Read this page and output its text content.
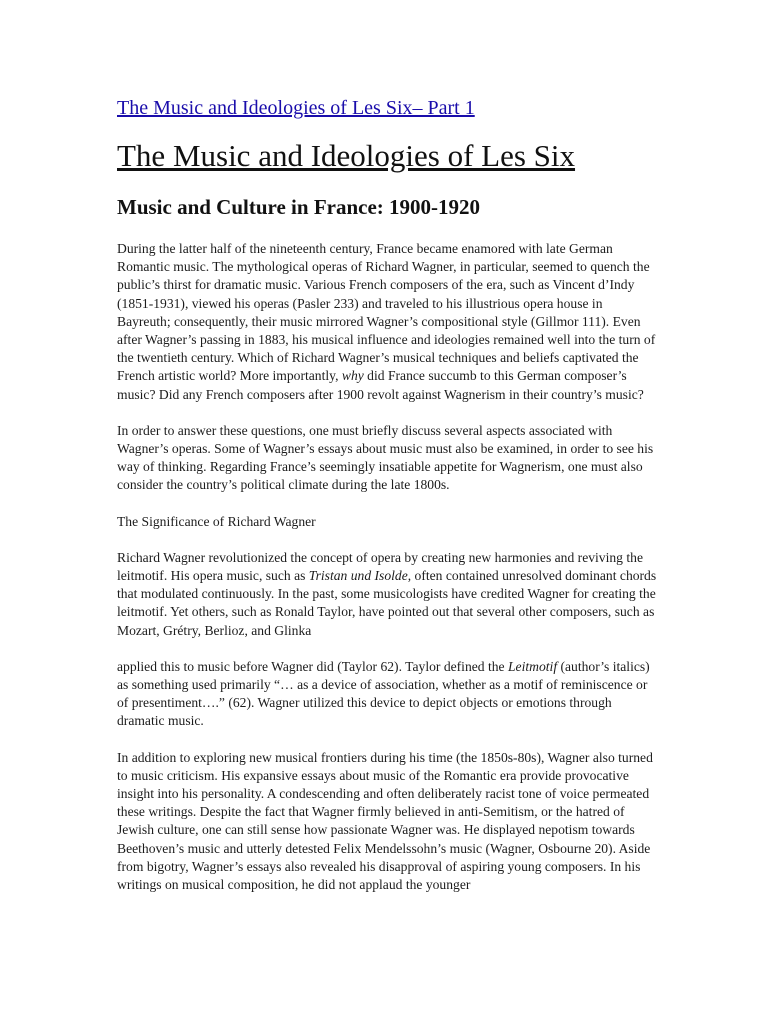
The Music and Ideologies of Les Six– Part 1
The Music and Ideologies of Les Six
Music and Culture in France: 1900-1920

During the latter half of the nineteenth century, France became enamored with late German Romantic music. The mythological operas of Richard Wagner, in particular, seemed to quench the public’s thirst for dramatic music. Various French composers of the era, such as Vincent d’Indy (1851-1931), viewed his operas (Pasler 233) and traveled to his illustrious opera house in Bayreuth; consequently, their music mirrored Wagner’s compositional style (Gillmor 111). Even after Wagner’s passing in 1883, his musical influence and ideologies remained well into the turn of the twentieth century. Which of Richard Wagner’s musical techniques and beliefs captivated the French artistic world? More importantly, why did France succumb to this German composer’s music? Did any French composers after 1900 revolt against Wagnerism in their country’s music?

In order to answer these questions, one must briefly discuss several aspects associated with Wagner’s operas. Some of Wagner’s essays about music must also be examined, in order to see his way of thinking. Regarding France’s seemingly insatiable appetite for Wagnerism, one must also consider the country’s political climate during the late 1800s.

The Significance of Richard Wagner

Richard Wagner revolutionized the concept of opera by creating new harmonies and reviving the leitmotif. His opera music, such as Tristan und Isolde, often contained unresolved dominant chords that modulated continuously. In the past, some musicologists have credited Wagner for creating the leitmotif. Yet others, such as Ronald Taylor, have pointed out that several other composers, such as Mozart, Grétry, Berlioz, and Glinka

applied this to music before Wagner did (Taylor 62). Taylor defined the Leitmotif (author’s italics) as something used primarily “… as a device of association, whether as a motif of reminiscence or of presentiment….” (62). Wagner utilized this device to depict objects or emotions through dramatic music.

In addition to exploring new musical frontiers during his time (the 1850s-80s), Wagner also turned to music criticism. His expansive essays about music of the Romantic era provide provocative insight into his personality. A condescending and often deliberately racist tone of voice permeated these writings. Despite the fact that Wagner firmly believed in anti-Semitism, or the hatred of Jewish culture, one can still sense how passionate Wagner was. He displayed nepotism towards Beethoven’s music and utterly detested Felix Mendelssohn’s music (Wagner, Osbourne 20). Aside from bigotry, Wagner’s essays also revealed his disapproval of aspiring young composers. In his writings on musical composition, he did not applaud the younger
